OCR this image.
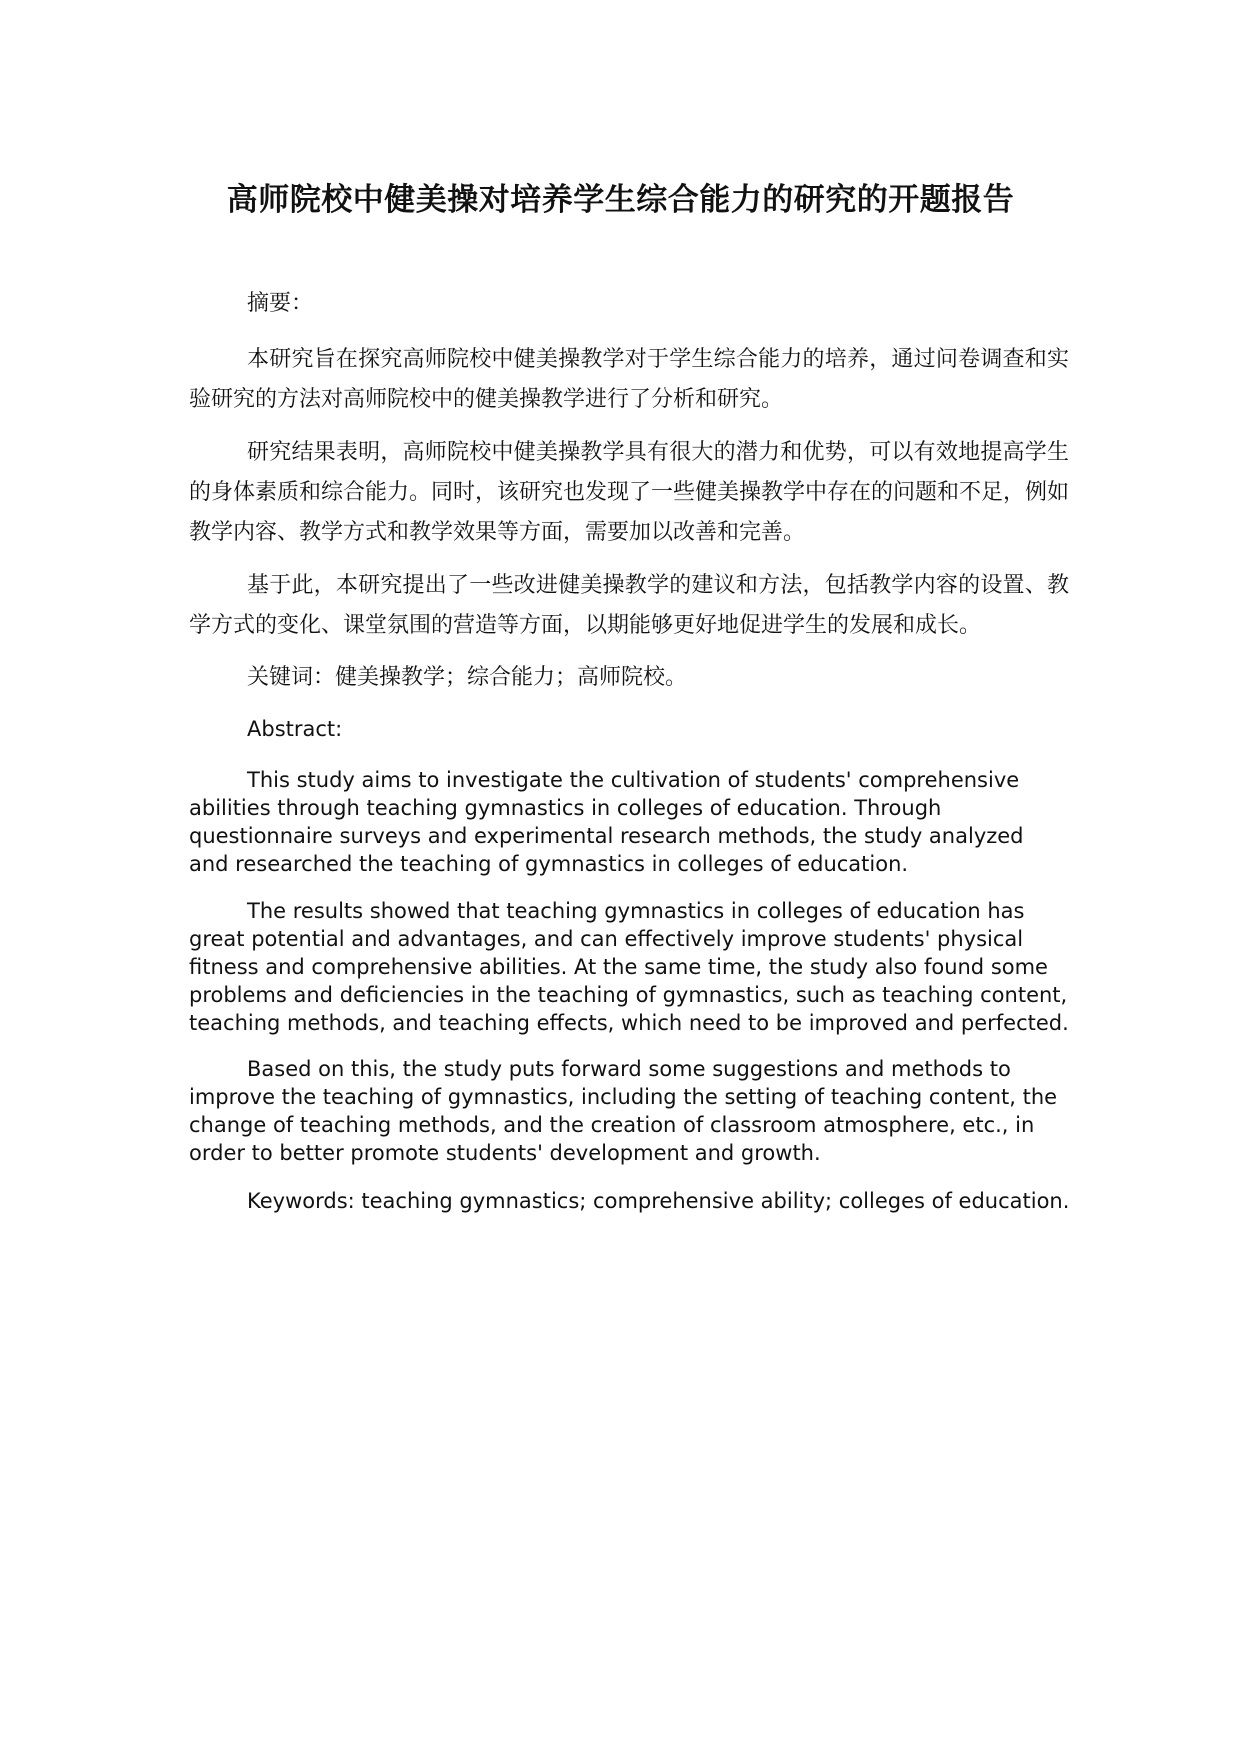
高师院校中健美操对培养学生综合能力的研究的开题报告

摘要：

本研究旨在探究高师院校中健美操教学对于学生综合能力的培养，通过问卷调查和实验研究的方法对高师院校中的健美操教学进行了分析和研究。

研究结果表明，高师院校中健美操教学具有很大的潜力和优势，可以有效地提高学生的身体素质和综合能力。同时，该研究也发现了一些健美操教学中存在的问题和不足，例如教学内容、教学方式和教学效果等方面，需要加以改善和完善。

基于此，本研究提出了一些改进健美操教学的建议和方法，包括教学内容的设置、教学方式的变化、课堂氛围的营造等方面，以期能够更好地促进学生的发展和成长。

关键词：健美操教学；综合能力；高师院校。

Abstract:

This study aims to investigate the cultivation of students' comprehensive abilities through teaching gymnastics in colleges of education. Through questionnaire surveys and experimental research methods, the study analyzed and researched the teaching of gymnastics in colleges of education.

The results showed that teaching gymnastics in colleges of education has great potential and advantages, and can effectively improve students' physical fitness and comprehensive abilities. At the same time, the study also found some problems and deficiencies in the teaching of gymnastics, such as teaching content, teaching methods, and teaching effects, which need to be improved and perfected.

Based on this, the study puts forward some suggestions and methods to improve the teaching of gymnastics, including the setting of teaching content, the change of teaching methods, and the creation of classroom atmosphere, etc., in order to better promote students' development and growth.

Keywords: teaching gymnastics; comprehensive ability; colleges of education.
